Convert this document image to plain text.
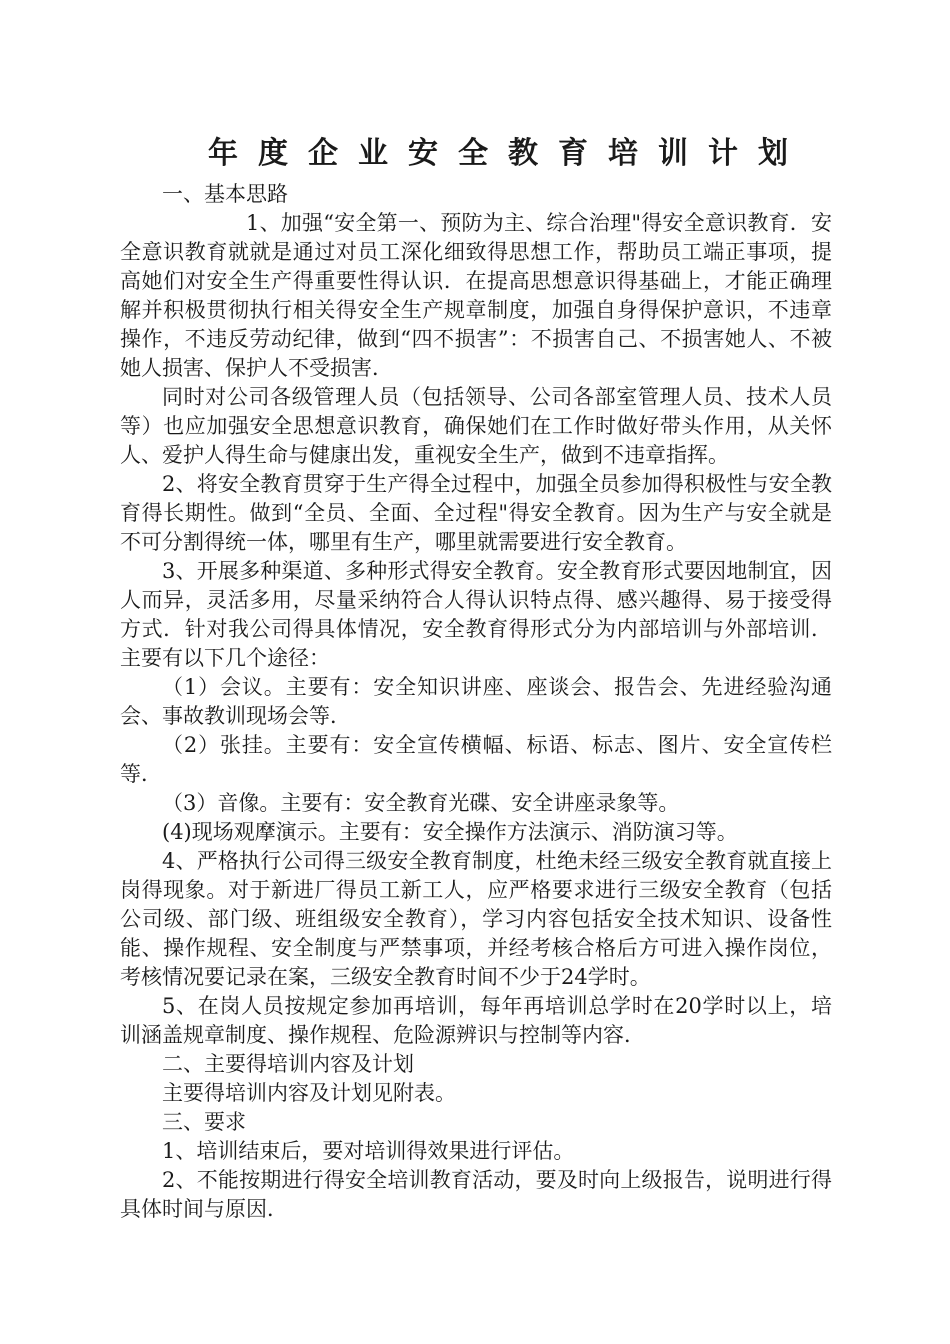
年度企业安全教育培训计划

一、基本思路

1、加强“安全第一、预防为主、综合治理"得安全意识教育．安全意识教育就就是通过对员工深化细致得思想工作，帮助员工端正事项，提高她们对安全生产得重要性得认识．在提高思想意识得基础上，才能正确理解并积极贯彻执行相关得安全生产规章制度，加强自身得保护意识，不违章操作，不违反劳动纪律，做到“四不损害”：不损害自己、不损害她人、不被她人损害、保护人不受损害．

同时对公司各级管理人员（包括领导、公司各部室管理人员、技术人员等）也应加强安全思想意识教育，确保她们在工作时做好带头作用，从关怀人、爱护人得生命与健康出发，重视安全生产，做到不违章指挥。

2、将安全教育贯穿于生产得全过程中，加强全员参加得积极性与安全教育得长期性。做到“全员、全面、全过程"得安全教育。因为生产与安全就是不可分割得统一体，哪里有生产，哪里就需要进行安全教育。

3、开展多种渠道、多种形式得安全教育。安全教育形式要因地制宜，因人而异，灵活多用，尽量采纳符合人得认识特点得、感兴趣得、易于接受得方式．针对我公司得具体情况，安全教育得形式分为内部培训与外部培训．主要有以下几个途径：

（1）会议。主要有：安全知识讲座、座谈会、报告会、先进经验沟通会、事故教训现场会等．

（2）张挂。主要有：安全宣传横幅、标语、标志、图片、安全宣传栏等．

（3）音像。主要有：安全教育光碟、安全讲座录象等。

(4)现场观摩演示。主要有：安全操作方法演示、消防演习等。

4、严格执行公司得三级安全教育制度，杜绝未经三级安全教育就直接上岗得现象。对于新进厂得员工新工人，应严格要求进行三级安全教育（包括公司级、部门级、班组级安全教育），学习内容包括安全技术知识、设备性能、操作规程、安全制度与严禁事项，并经考核合格后方可进入操作岗位，考核情况要记录在案，三级安全教育时间不少于24学时。

5、在岗人员按规定参加再培训，每年再培训总学时在20学时以上，培训涵盖规章制度、操作规程、危险源辨识与控制等内容．

二、主要得培训内容及计划

主要得培训内容及计划见附表。

三、要求

1、培训结束后，要对培训得效果进行评估。

2、不能按期进行得安全培训教育活动，要及时向上级报告，说明进行得具体时间与原因．
